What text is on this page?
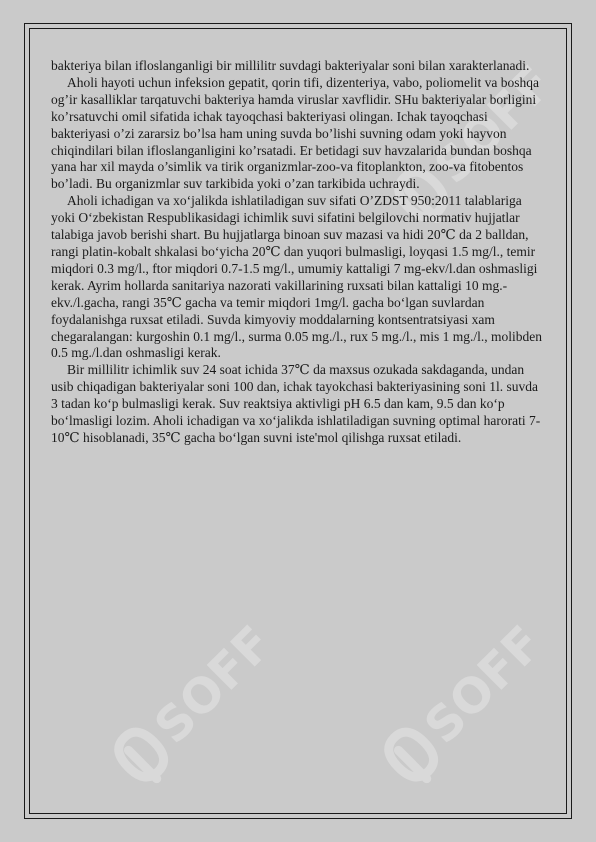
SOFF
SOFF	SOFF

bakteriya bilan ifloslanganligi bir millilitr suvdagi bakteriyalar soni bilan xarakterlanadi.

Aholi hayoti uchun infeksion gepatit, qorin tifi, dizenteriya, vabo, poliomelit va boshqa og’ir kasalliklar tarqatuvchi bakteriya hamda viruslar xavflidir. SHu bakteriyalar borligini ko’rsatuvchi omil sifatida ichak tayoqchasi bakteriyasi olingan. Ichak tayoqchasi bakteriyasi o’zi zararsiz bo’lsa ham uning suvda bo’lishi suvning odam yoki hayvon chiqindilari bilan ifloslanganligini ko’rsatadi. Er betidagi suv havzalarida bundan boshqa yana har xil mayda o’simlik va tirik organizmlar-zoo-va fitoplankton, zoo-va fitobentos bo’ladi. Bu organizmlar suv tarkibida yoki o’zan tarkibida uchraydi.

Aholi ichadigan va xo‘jalikda ishlatiladigan suv sifati O’ZDST 950:2011 talablariga yoki O‘zbekistan Respublikasidagi ichimlik suvi sifatini belgilovchi normativ hujjatlar talabiga javob berishi shart. Bu hujjatlarga binoan suv mazasi va hidi 20℃ da 2 balldan, rangi platin-kobalt shkalasi bo‘yicha 20℃ dan yuqori bulmasligi, loyqasi 1.5 mg/l., temir miqdori 0.3 mg/l., ftor miqdori 0.7-1.5 mg/l., umumiy kattaligi 7 mg-ekv/l.dan oshmasligi kerak. Ayrim hollarda sanitariya nazorati vakillarining ruxsati bilan kattaligi 10 mg.-ekv./l.gacha, rangi 35℃ gacha va temir miqdori 1mg/l. gacha bo‘lgan suvlardan foydalanishga ruxsat etiladi. Suvda kimyoviy moddalarning kontsentratsiyasi xam chegaralangan: kurgoshin 0.1 mg/l., surma 0.05 mg./l., rux 5 mg./l., mis 1 mg./l., molibden 0.5 mg./l.dan oshmasligi kerak.

Bir millilitr ichimlik suv 24 soat ichida 37℃ da maxsus ozukada sakdaganda, undan usib chiqadigan bakteriyalar soni 100 dan, ichak tayokchasi bakteriyasining soni 1l. suvda 3 tadan ko‘p bulmasligi kerak. Suv reaktsiya aktivligi pH 6.5 dan kam, 9.5 dan ko‘p bo‘lmasligi lozim. Aholi ichadigan va xo‘jalikda ishlatiladigan suvning optimal harorati 7-10℃ hisoblanadi, 35℃ gacha bo‘lgan suvni iste'mol qilishga ruxsat etiladi.
